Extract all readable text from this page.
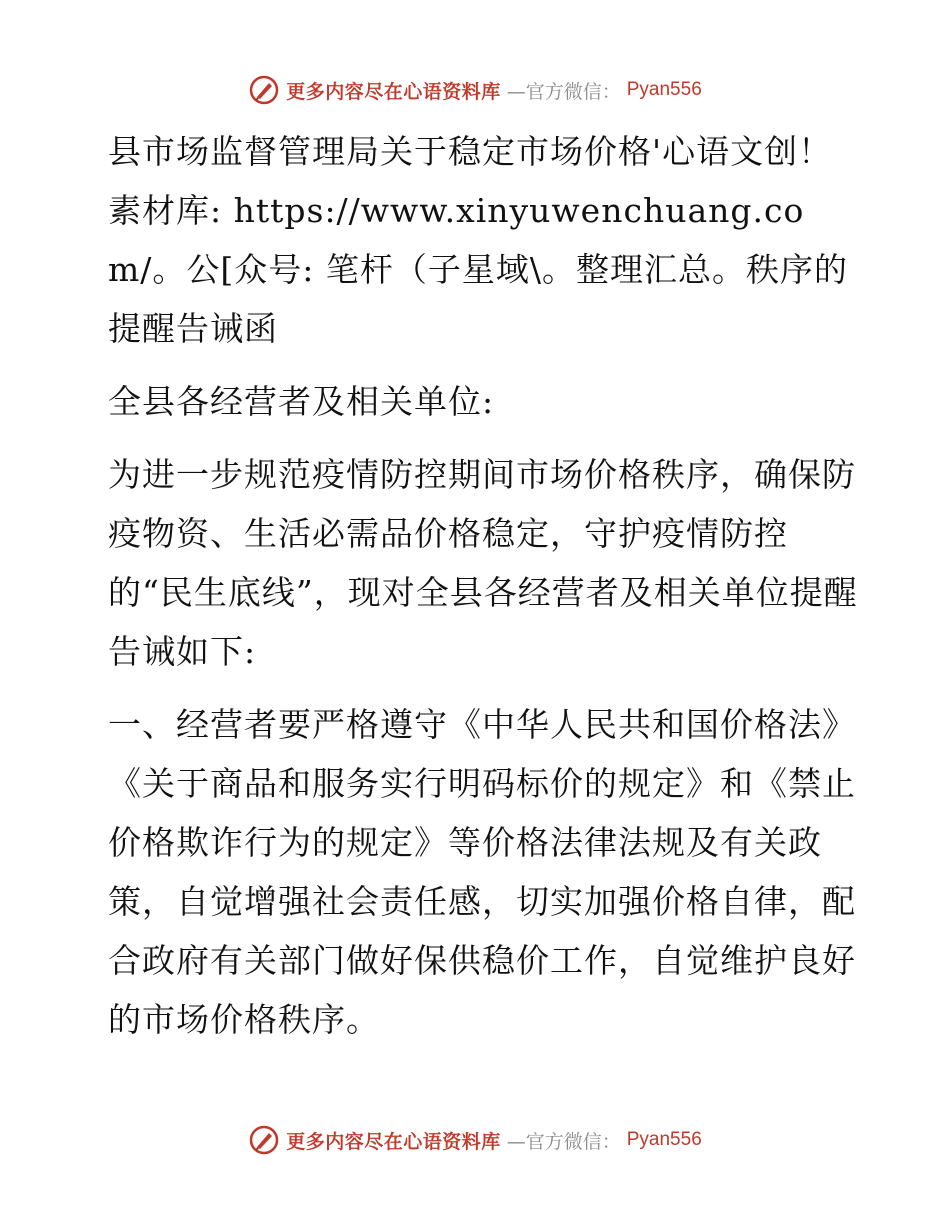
更多内容尽在心语资料库 —官方微信： Pyan556

县市场监督管理局关于稳定市场价格'心语文创！素材库: https://www.xinyuwenchuang.com/。公[众号: 笔杆（子星域\。整理汇总。秩序的提醒告诫函

全县各经营者及相关单位:

为进一步规范疫情防控期间市场价格秩序，确保防疫物资、生活必需品价格稳定，守护疫情防控的“民生底线”，现对全县各经营者及相关单位提醒告诫如下:

一、经营者要严格遵守《中华人民共和国价格法》《关于商品和服务实行明码标价的规定》和《禁止价格欺诈行为的规定》等价格法律法规及有关政策，自觉增强社会责任感，切实加强价格自律，配合政府有关部门做好保供稳价工作，自觉维护良好的市场价格秩序。

更多内容尽在心语资料库 —官方微信： Pyan556
